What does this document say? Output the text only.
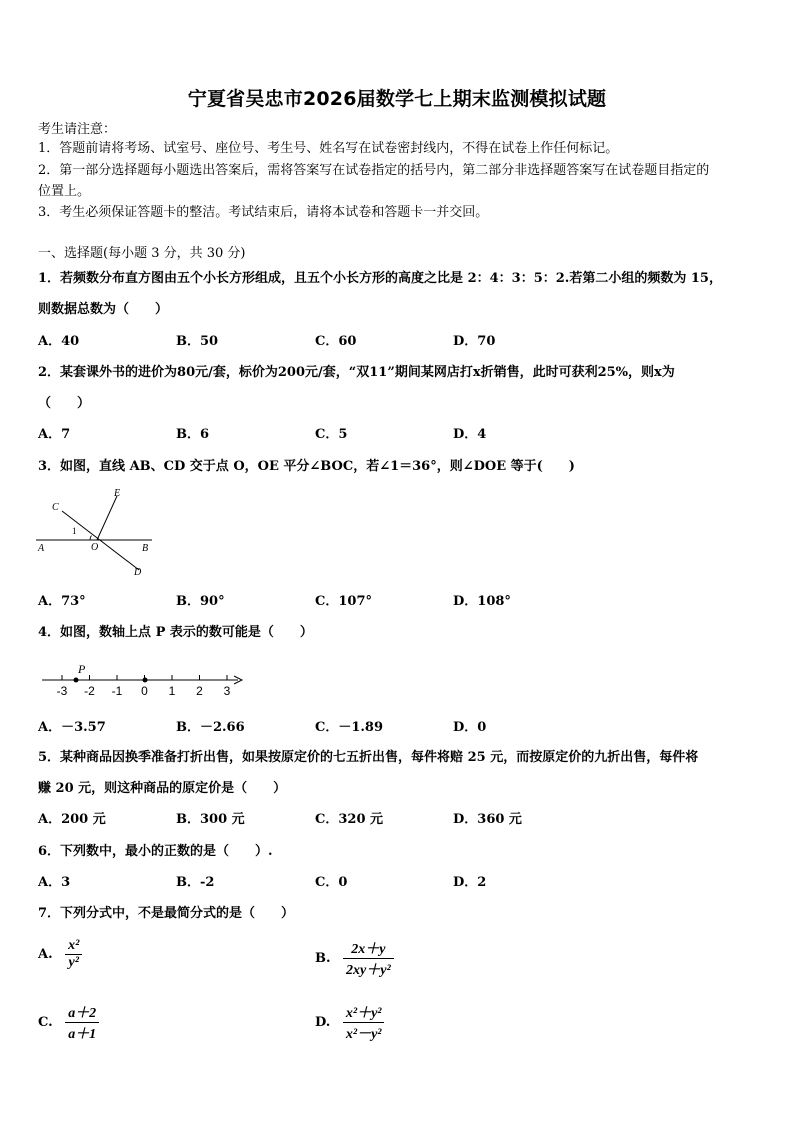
宁夏省吴忠市2026届数学七上期末监测模拟试题
考生请注意：
1．答题前请将考场、试室号、座位号、考生号、姓名写在试卷密封线内，不得在试卷上作任何标记。
2．第一部分选择题每小题选出答案后，需将答案写在试卷指定的括号内，第二部分非选择题答案写在试卷题目指定的
位置上。
3．考生必须保证答题卡的整洁。考试结束后，请将本试卷和答题卡一并交回。
一、选择题(每小题 3 分，共 30 分)
1．若频数分布直方图由五个小长方形组成，且五个小长方形的高度之比是 2：4：3：5：2.若第二小组的频数为 15，
则数据总数为（　　）
A．40	B．50	C．60	D．70
2．某套课外书的进价为80元/套，标价为200元/套，“双11”期间某网店打x折销售，此时可获利25%，则x为
（　　）
A．7	B．6	C．5	D．4
3．如图，直线 AB、CD 交于点 O，OE 平分∠BOC，若∠1＝36°，则∠DOE 等于(　　)
C
E
1
A	O	B
D
A．73°	B．90°	C．107°	D．108°
4．如图，数轴上点 P 表示的数可能是（　　）
-3 -2 -1 0 1 2 3
P
A．－3.57	B．－2.66	C．－1.89	D．0
5．某种商品因换季准备打折出售，如果按原定价的七五折出售，每件将赔 25 元，而按原定价的九折出售，每件将
赚 20 元，则这种商品的原定价是（　　）
A．200 元	B．300 元	C．320 元	D．360 元
6．下列数中，最小的正数的是（　　）.
A．3	B．-2	C．0	D．2
7．下列分式中，不是最简分式的是（　　）
A. $\frac{\text{x²}}{\text{y²}}$	B. $\frac{2x+y}{\text{2xy＋y²}}$
C. $\frac{a+2}{a+1}$	D. $\frac{\text{x²＋y²}}{\text{x²－y²}}$
